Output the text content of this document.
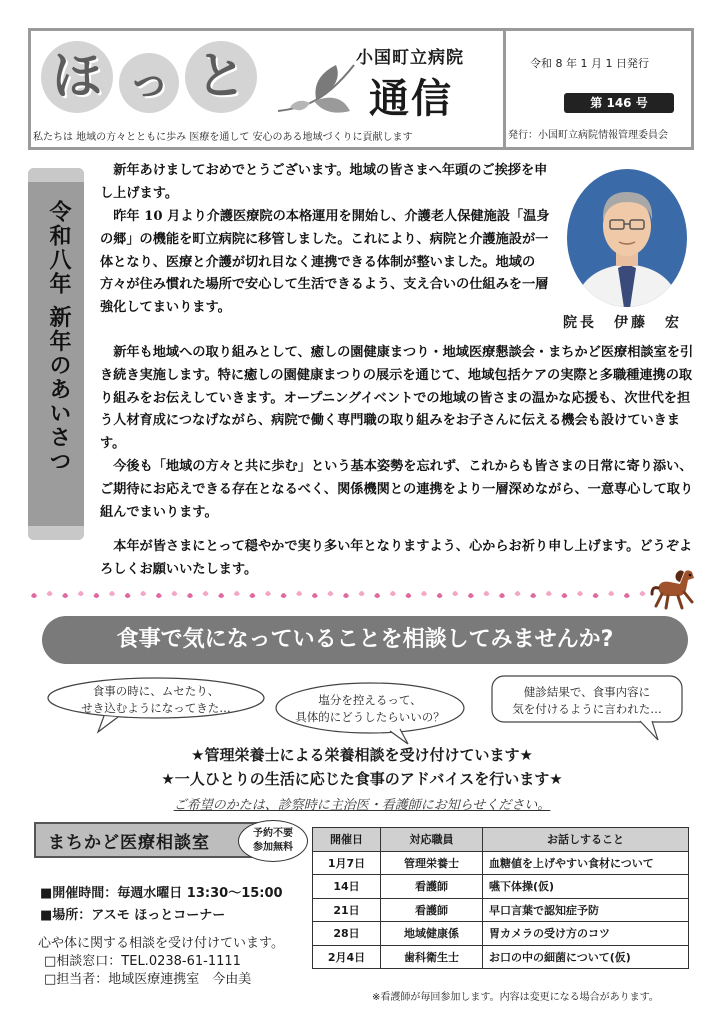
ほ っ と	小国町立病院
通信
私たちは 地域の方々とともに歩み 医療を通して 安心のある地域づくりに貢献します
令和 8 年 1 月 1 日発行
第 146 号
発行：小国町立病院情報管理委員会
令和八年 新年のあいさつ

新年あけましておめでとうございます。地域の皆さまへ年頭のご挨拶を申し上げます。

昨年 10 月より介護医療院の本格運用を開始し、介護老人保健施設「温身の郷」の機能を町立病院に移管しました。これにより、病院と介護施設が一体となり、医療と介護が切れ目なく連携できる体制が整いました。地域の方々が住み慣れた場所で安心して生活できるよう、支え合いの仕組みを一層強化してまいります。

新年も地域への取り組みとして、癒しの園健康まつり・地域医療懇談会・まちかど医療相談室を引き続き実施します。特に癒しの園健康まつりの展示を通じて、地域包括ケアの実際と多職種連携の取り組みをお伝えしていきます。オープニングイベントでの地域の皆さまの温かな応援も、次世代を担う人材育成につなげながら、病院で働く専門職の取り組みをお子さんに伝える機会も設けていきます。

今後も「地域の方々と共に歩む」という基本姿勢を忘れず、これからも皆さまの日常に寄り添い、ご期待にお応えできる存在となるべく、関係機関との連携をより一層深めながら、一意専心して取り組んでまいります。

本年が皆さまにとって穏やかで実り多い年となりますよう、心からお祈り申し上げます。どうぞよろしくお願いいたします。

院長　伊藤　宏
食事で気になっていることを相談してみませんか?
食事の時に、ムセたり、
せき込むようになってきた…
塩分を控えるって、
具体的にどうしたらいいの？
健診結果で、食事内容に
気を付けるように言われた…
★管理栄養士による栄養相談を受け付けています★
★一人ひとりの生活に応じた食事のアドバイスを行います★
ご希望のかたは、診察時に主治医・看護師にお知らせください。
まちかど医療相談室	予約不要
参加無料
■開催時間：毎週水曜日 13:30～15:00
■場所：アスモ ほっとコーナー
心や体に関する相談を受け付けています。
□相談窓口：TEL.0238-61-1111
□担当者：地域医療連携室　今由美
開催日	対応職員	お話しすること
1月7日	管理栄養士	血糖値を上げやすい食材について
14日	看護師	嚥下体操(仮)
21日	看護師	早口言葉で認知症予防
28日	地域健康係	胃カメラの受け方のコツ
2月4日	歯科衛生士	お口の中の細菌について(仮)
※看護師が毎回参加します。内容は変更になる場合があります。
